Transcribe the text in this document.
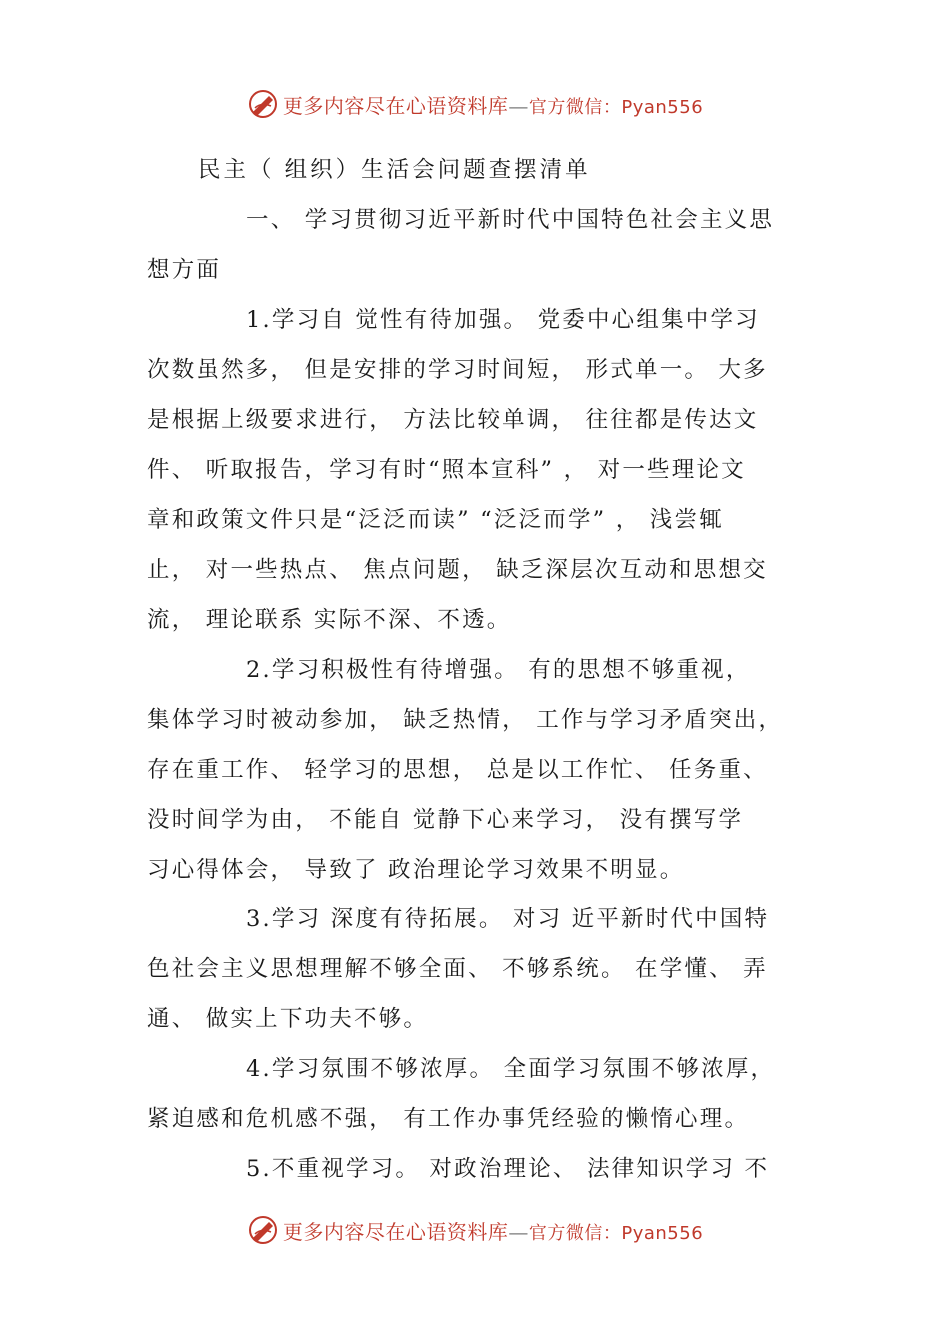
更多内容尽在心语资料库—官方微信：Pyan556
民主（ 组织）生活会问题查摆清单
一、 学习贯彻习近平新时代中国特色社会主义思
想方面
1.学习自 觉性有待加强。 党委中心组集中学习
次数虽然多， 但是安排的学习时间短， 形式单一。 大多
是根据上级要求进行， 方法比较单调， 往往都是传达文
件、 听取报告，学习有时“照本宣科” ， 对一些理论文
章和政策文件只是“泛泛而读” “泛泛而学” ， 浅尝辄
止， 对一些热点、 焦点问题， 缺乏深层次互动和思想交
流， 理论联系 实际不深、不透。
2.学习积极性有待增强。 有的思想不够重视，
集体学习时被动参加， 缺乏热情， 工作与学习矛盾突出，
存在重工作、 轻学习的思想， 总是以工作忙、 任务重、
没时间学为由， 不能自 觉静下心来学习， 没有撰写学
习心得体会， 导致了 政治理论学习效果不明显。
3.学习 深度有待拓展。 对习 近平新时代中国特
色社会主义思想理解不够全面、 不够系统。 在学懂、 弄
通、 做实上下功夫不够。
4.学习氛围不够浓厚。 全面学习氛围不够浓厚，
紧迫感和危机感不强， 有工作办事凭经验的懒惰心理。
5.不重视学习。 对政治理论、 法律知识学习 不
更多内容尽在心语资料库—官方微信：Pyan556
